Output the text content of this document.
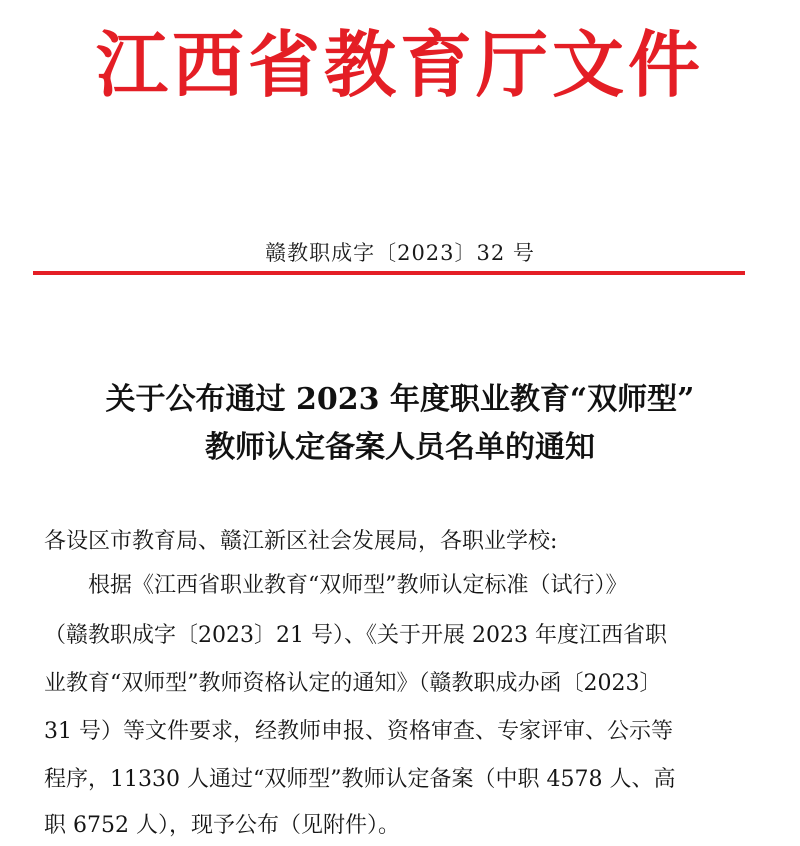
江西省教育厅文件
赣教职成字〔2023〕32 号
关于公布通过 2023 年度职业教育“双师型”
教师认定备案人员名单的通知
各设区市教育局、赣江新区社会发展局，各职业学校:
根据《江西省职业教育“双师型”教师认定标准（试行）》
（赣教职成字〔2023〕21 号）、《关于开展 2023 年度江西省职
业教育“双师型”教师资格认定的通知》（赣教职成办函〔2023〕
31 号）等文件要求，经教师申报、资格审查、专家评审、公示等
程序，11330 人通过“双师型”教师认定备案（中职 4578 人、高
职 6752 人），现予公布（见附件）。
